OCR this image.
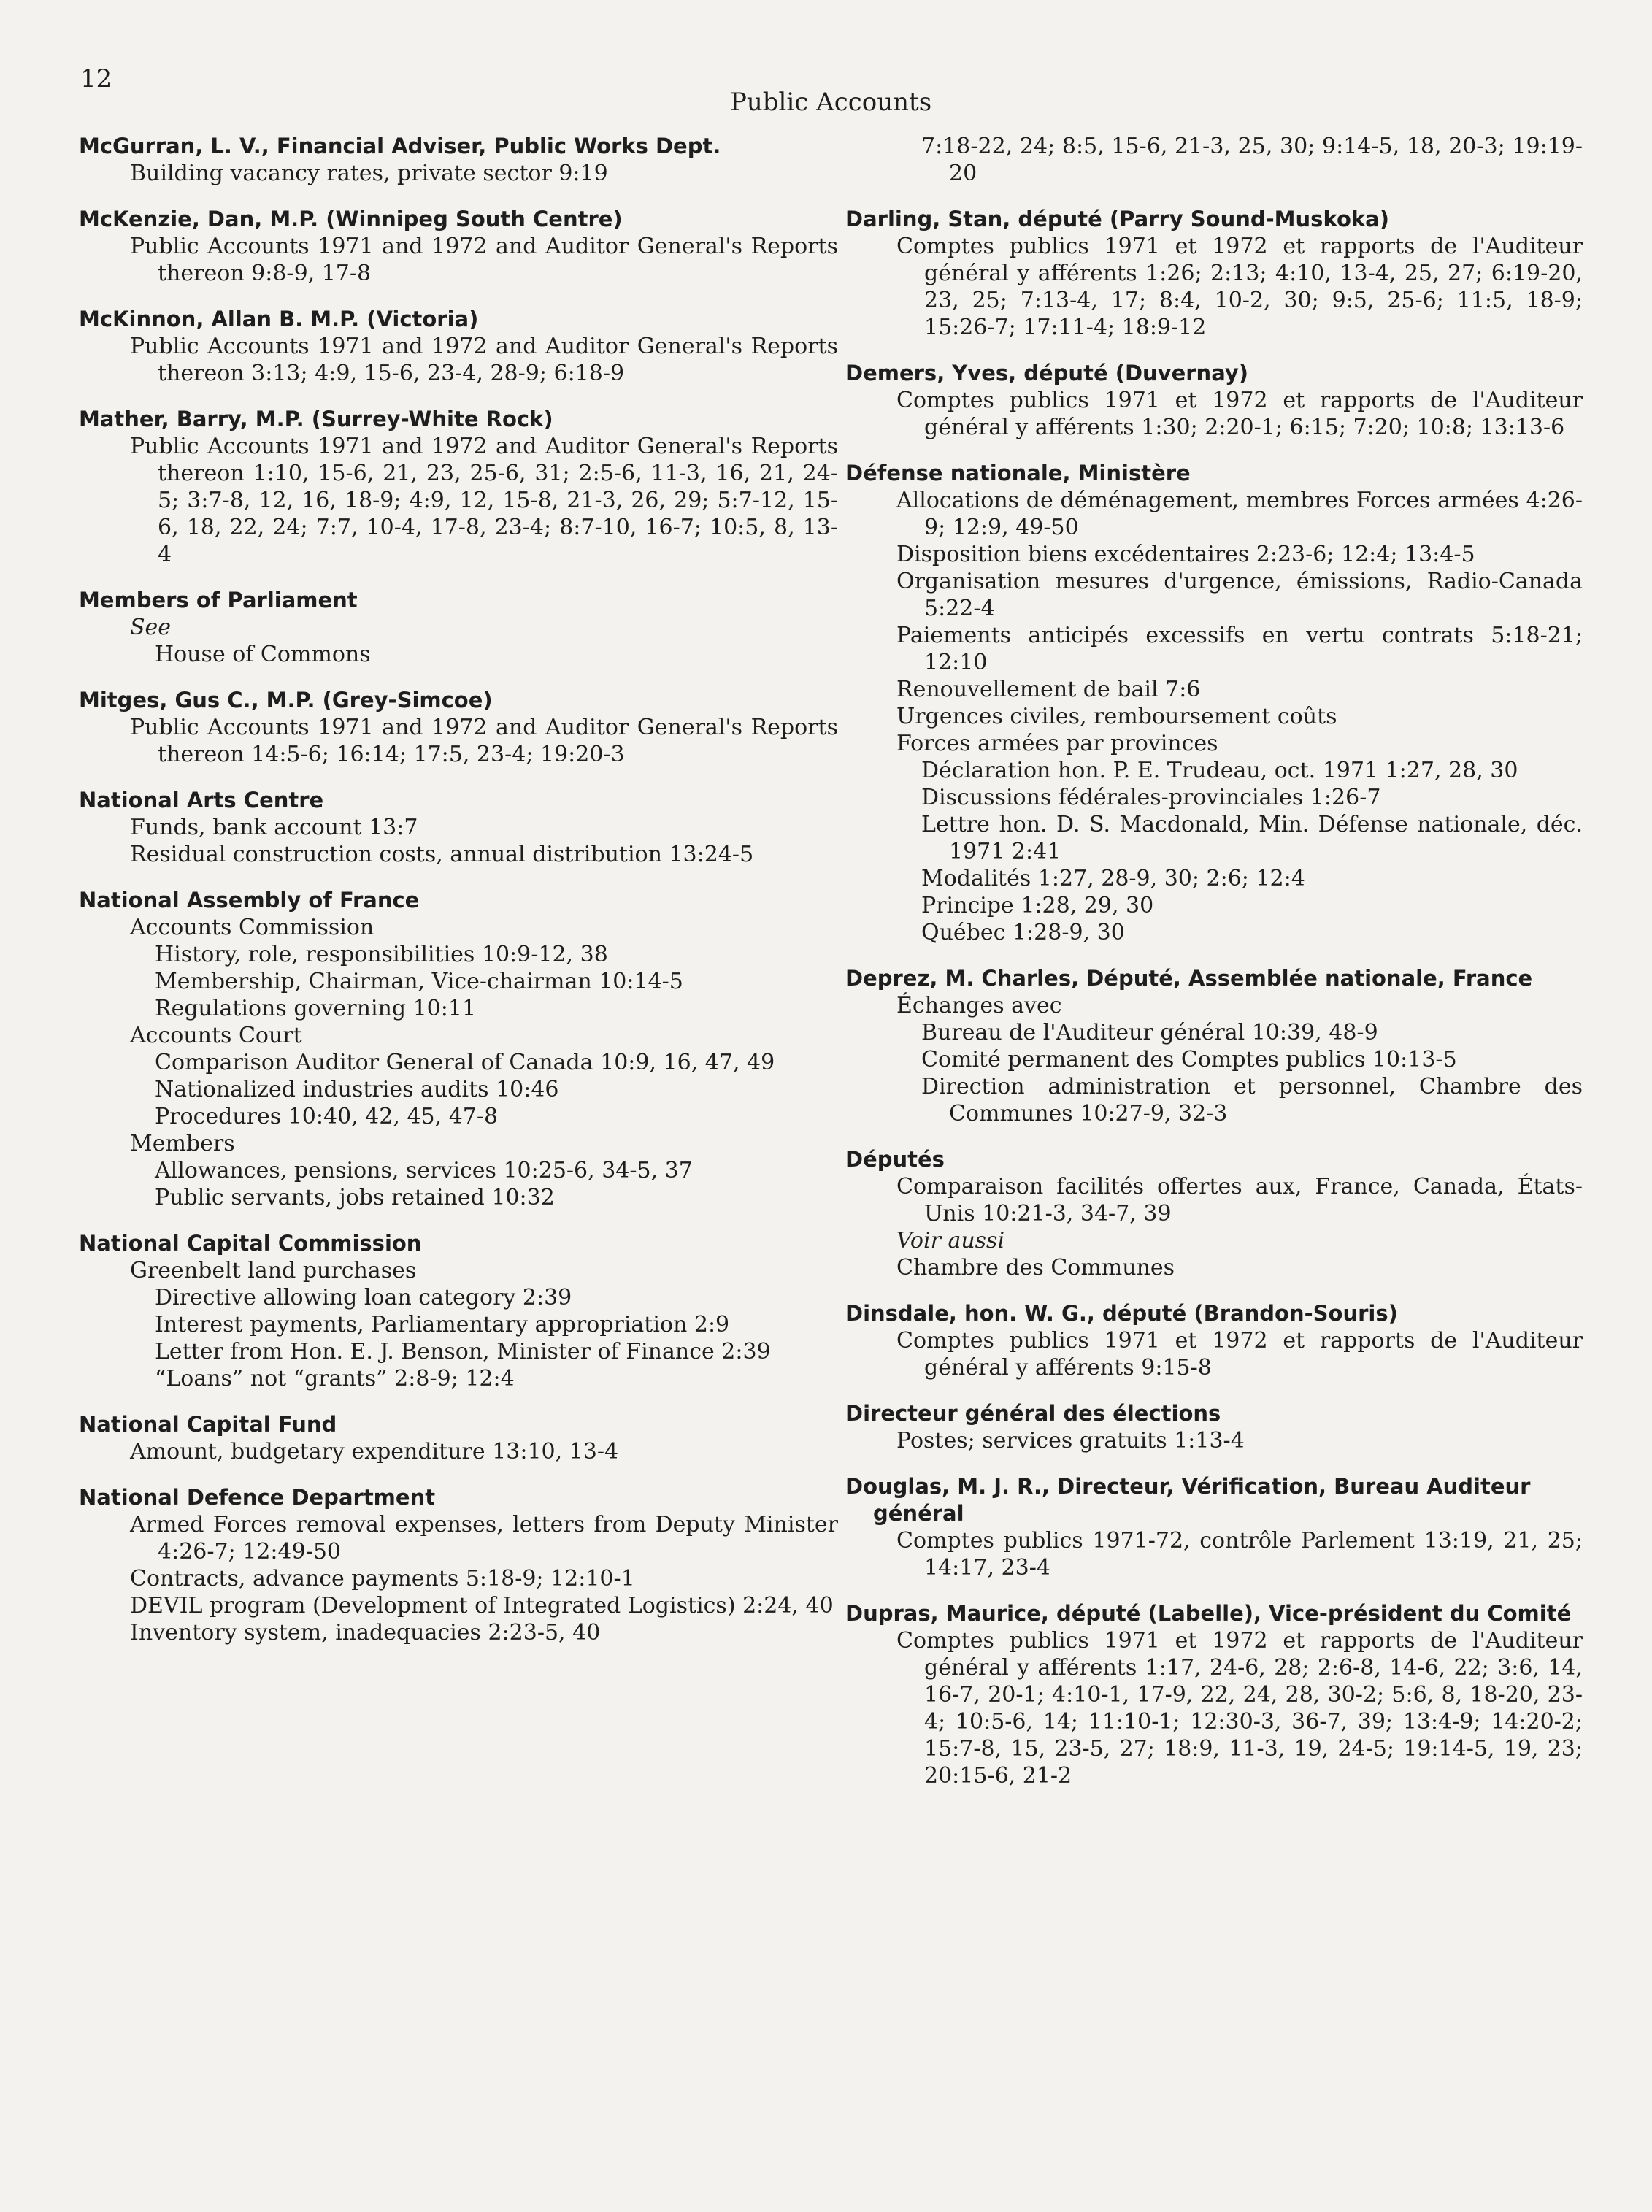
12
Public Accounts
McGurran, L. V., Financial Adviser, Public Works Dept.
Building vacancy rates, private sector 9:19
McKenzie, Dan, M.P. (Winnipeg South Centre)
Public Accounts 1971 and 1972 and Auditor General's Reports thereon 9:8-9, 17-8
McKinnon, Allan B. M.P. (Victoria)
Public Accounts 1971 and 1972 and Auditor General's Reports thereon 3:13; 4:9, 15-6, 23-4, 28-9; 6:18-9
Mather, Barry, M.P. (Surrey-White Rock)
Public Accounts 1971 and 1972 and Auditor General's Reports thereon 1:10, 15-6, 21, 23, 25-6, 31; 2:5-6, 11-3, 16, 21, 24-5; 3:7-8, 12, 16, 18-9; 4:9, 12, 15-8, 21-3, 26, 29; 5:7-12, 15-6, 18, 22, 24; 7:7, 10-4, 17-8, 23-4; 8:7-10, 16-7; 10:5, 8, 13-4
Members of Parliament
See
House of Commons
Mitges, Gus C., M.P. (Grey-Simcoe)
Public Accounts 1971 and 1972 and Auditor General's Reports thereon 14:5-6; 16:14; 17:5, 23-4; 19:20-3
National Arts Centre
Funds, bank account 13:7
Residual construction costs, annual distribution 13:24-5
National Assembly of France
Accounts Commission
History, role, responsibilities 10:9-12, 38
Membership, Chairman, Vice-chairman 10:14-5
Regulations governing 10:11
Accounts Court
Comparison Auditor General of Canada 10:9, 16, 47, 49
Nationalized industries audits 10:46
Procedures 10:40, 42, 45, 47-8
Members
Allowances, pensions, services 10:25-6, 34-5, 37
Public servants, jobs retained 10:32
National Capital Commission
Greenbelt land purchases
Directive allowing loan category 2:39
Interest payments, Parliamentary appropriation 2:9
Letter from Hon. E. J. Benson, Minister of Finance 2:39
“Loans” not “grants” 2:8-9; 12:4
National Capital Fund
Amount, budgetary expenditure 13:10, 13-4
National Defence Department
Armed Forces removal expenses, letters from Deputy Minister 4:26-7; 12:49-50
Contracts, advance payments 5:18-9; 12:10-1
DEVIL program (Development of Integrated Logistics) 2:24, 40
Inventory system, inadequacies 2:23-5, 40
7:18-22, 24; 8:5, 15-6, 21-3, 25, 30; 9:14-5, 18, 20-3; 19:19-20
Darling, Stan, député (Parry Sound-Muskoka)
Comptes publics 1971 et 1972 et rapports de l'Auditeur général y afférents 1:26; 2:13; 4:10, 13-4, 25, 27; 6:19-20, 23, 25; 7:13-4, 17; 8:4, 10-2, 30; 9:5, 25-6; 11:5, 18-9; 15:26-7; 17:11-4; 18:9-12
Demers, Yves, député (Duvernay)
Comptes publics 1971 et 1972 et rapports de l'Auditeur général y afférents 1:30; 2:20-1; 6:15; 7:20; 10:8; 13:13-6
Défense nationale, Ministère
Allocations de déménagement, membres Forces armées 4:26-9; 12:9, 49-50
Disposition biens excédentaires 2:23-6; 12:4; 13:4-5
Organisation mesures d'urgence, émissions, Radio-Canada 5:22-4
Paiements anticipés excessifs en vertu contrats 5:18-21; 12:10
Renouvellement de bail 7:6
Urgences civiles, remboursement coûts
Forces armées par provinces
Déclaration hon. P. E. Trudeau, oct. 1971 1:27, 28, 30
Discussions fédérales-provinciales 1:26-7
Lettre hon. D. S. Macdonald, Min. Défense nationale, déc. 1971 2:41
Modalités 1:27, 28-9, 30; 2:6; 12:4
Principe 1:28, 29, 30
Québec 1:28-9, 30
Deprez, M. Charles, Député, Assemblée nationale, France
Échanges avec
Bureau de l'Auditeur général 10:39, 48-9
Comité permanent des Comptes publics 10:13-5
Direction administration et personnel, Chambre des Communes 10:27-9, 32-3
Députés
Comparaison facilités offertes aux, France, Canada, États-Unis 10:21-3, 34-7, 39
Voir aussi
Chambre des Communes
Dinsdale, hon. W. G., député (Brandon-Souris)
Comptes publics 1971 et 1972 et rapports de l'Auditeur général y afférents 9:15-8
Directeur général des élections
Postes; services gratuits 1:13-4
Douglas, M. J. R., Directeur, Vérification, Bureau Auditeur général
Comptes publics 1971-72, contrôle Parlement 13:19, 21, 25; 14:17, 23-4
Dupras, Maurice, député (Labelle), Vice-président du Comité
Comptes publics 1971 et 1972 et rapports de l'Auditeur général y afférents 1:17, 24-6, 28; 2:6-8, 14-6, 22; 3:6, 14, 16-7, 20-1; 4:10-1, 17-9, 22, 24, 28, 30-2; 5:6, 8, 18-20, 23-4; 10:5-6, 14; 11:10-1; 12:30-3, 36-7, 39; 13:4-9; 14:20-2; 15:7-8, 15, 23-5, 27; 18:9, 11-3, 19, 24-5; 19:14-5, 19, 23; 20:15-6, 21-2
